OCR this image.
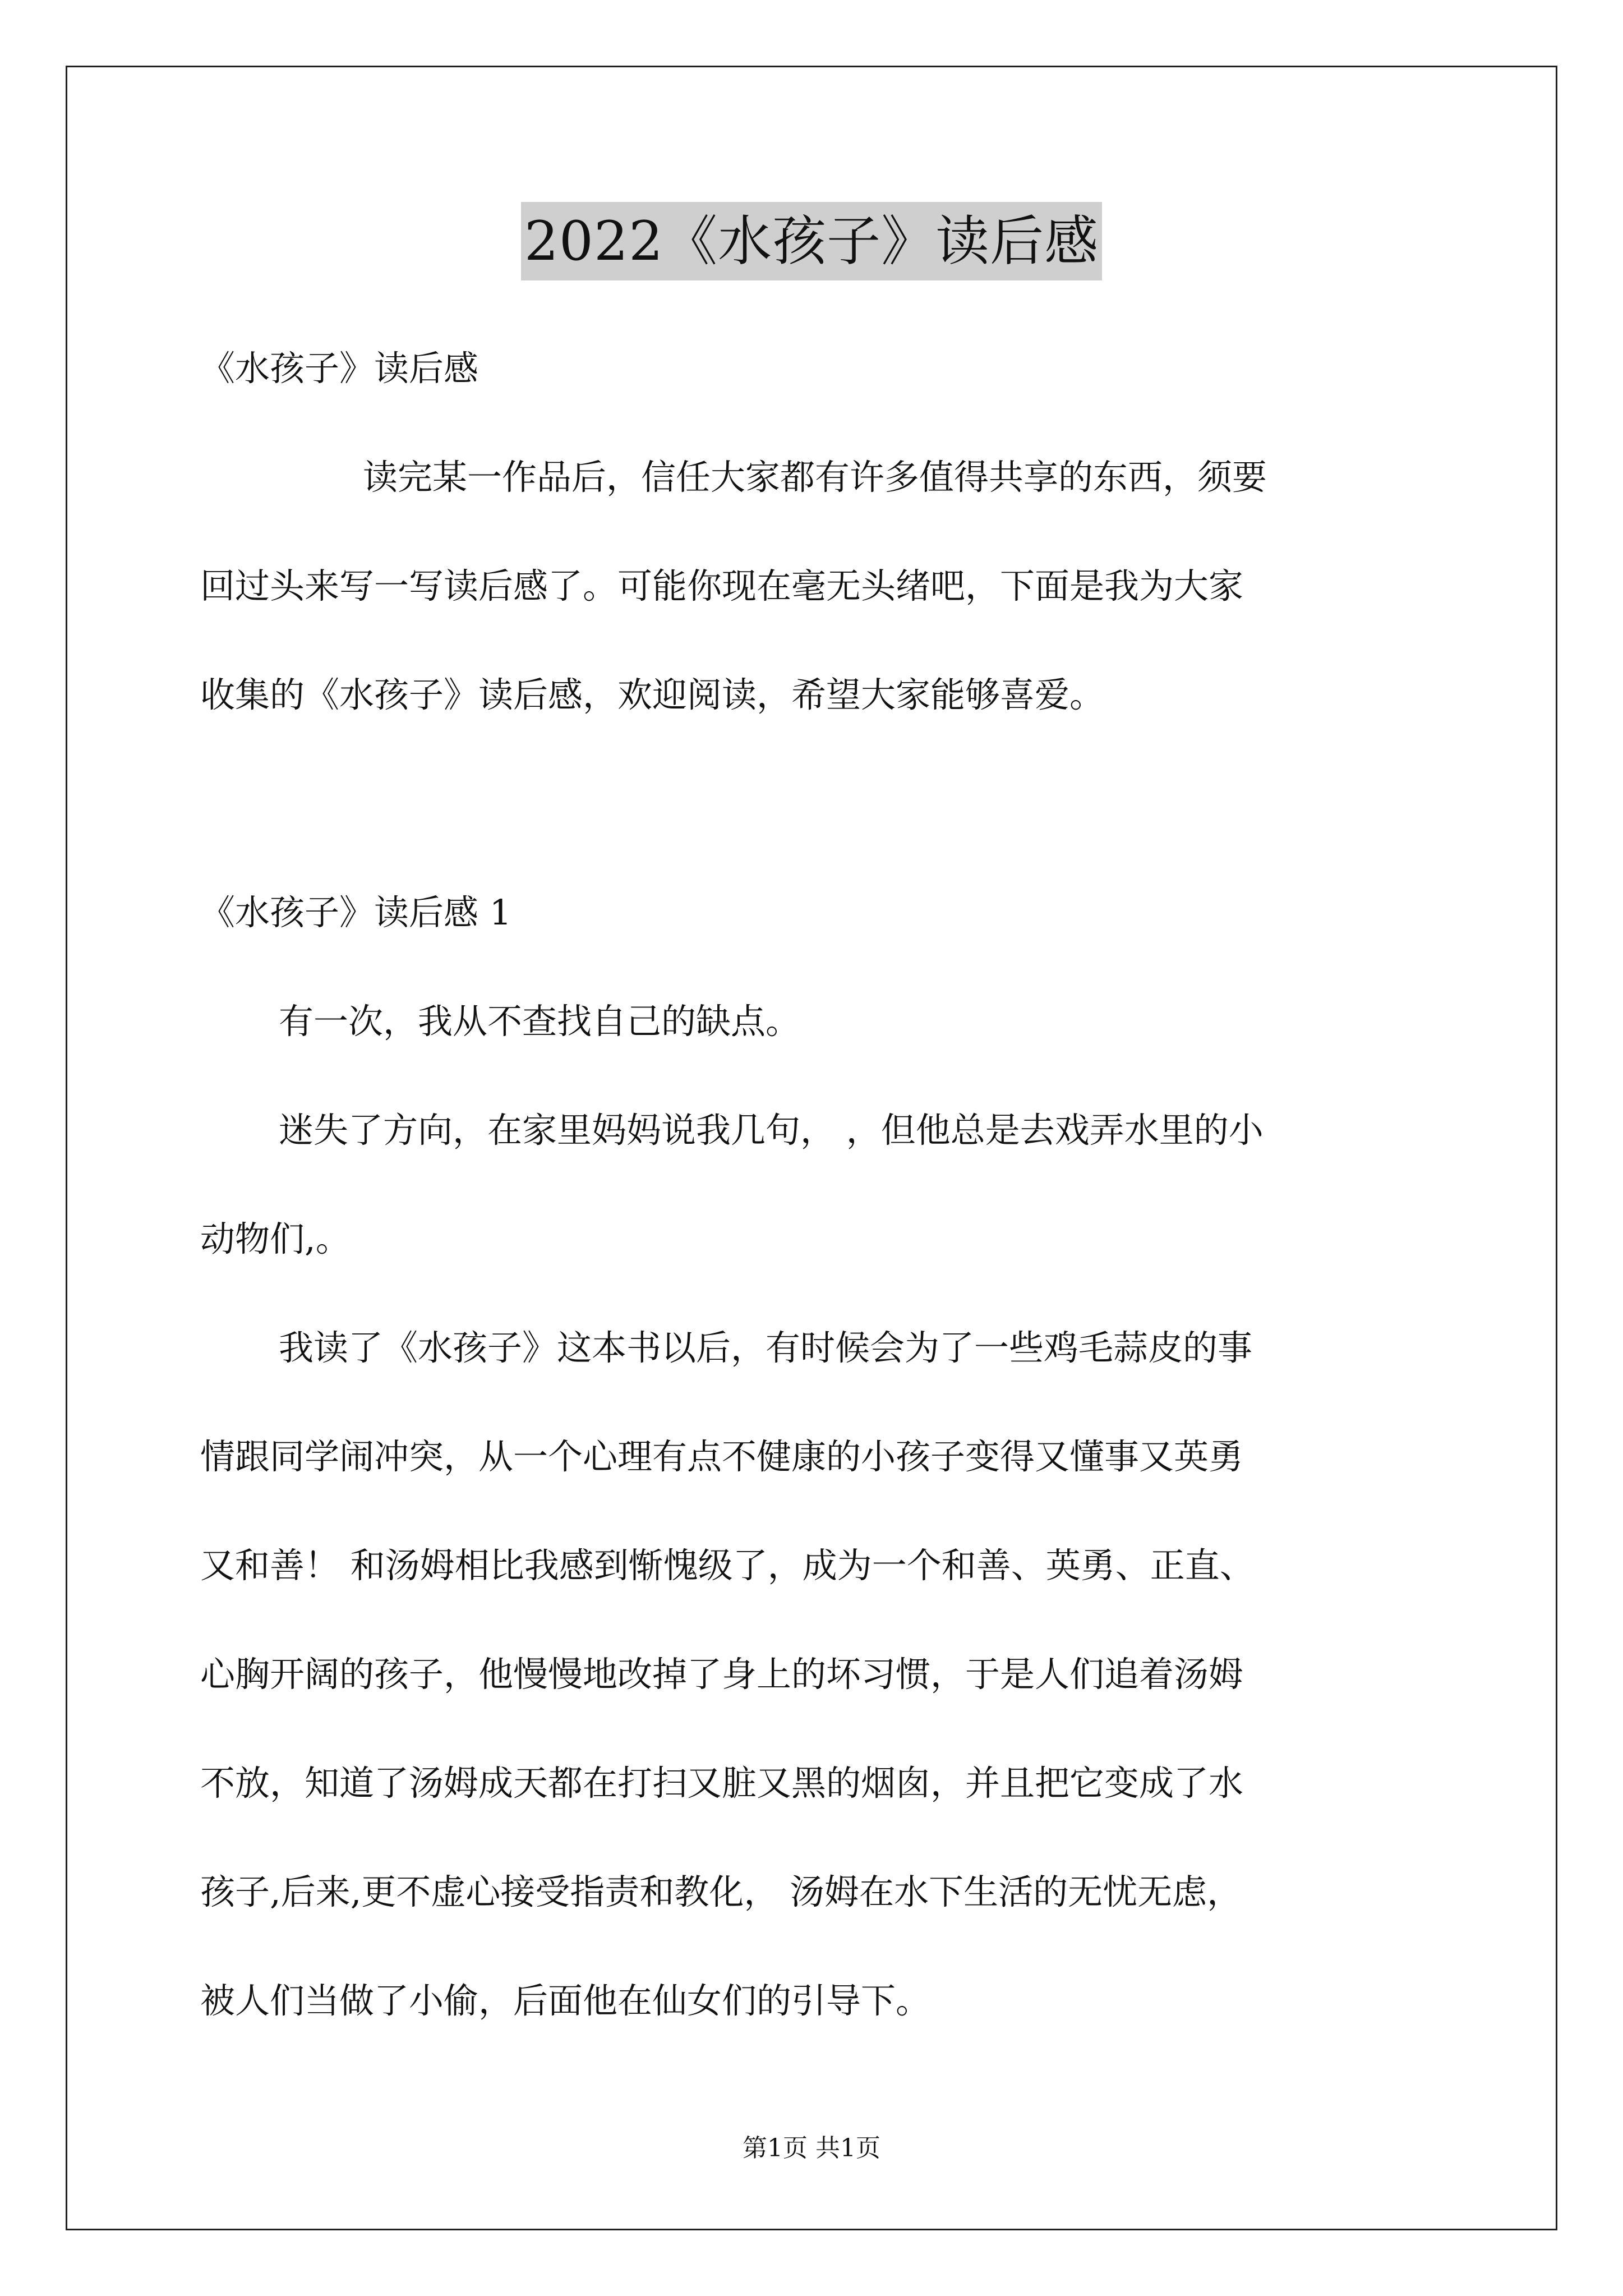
2022《水孩子》读后感
《水孩子》读后感
读完某一作品后，信任大家都有许多值得共享的东西，须要
回过头来写一写读后感了。可能你现在毫无头绪吧，下面是我为大家
收集的《水孩子》读后感，欢迎阅读，希望大家能够喜爱。
《水孩子》读后感 1
有一次，我从不查找自己的缺点。
迷失了方向，在家里妈妈说我几句， ，但他总是去戏弄水里的小
动物们,。
我读了《水孩子》这本书以后，有时候会为了一些鸡毛蒜皮的事
情跟同学闹冲突，从一个心理有点不健康的小孩子变得又懂事又英勇
又和善！ 和汤姆相比我感到惭愧级了，成为一个和善、英勇、正直、
心胸开阔的孩子，他慢慢地改掉了身上的坏习惯，于是人们追着汤姆
不放，知道了汤姆成天都在打扫又脏又黑的烟囱，并且把它变成了水
孩子,后来,更不虚心接受指责和教化， 汤姆在水下生活的无忧无虑，
被人们当做了小偷，后面他在仙女们的引导下。
第1页 共1页
